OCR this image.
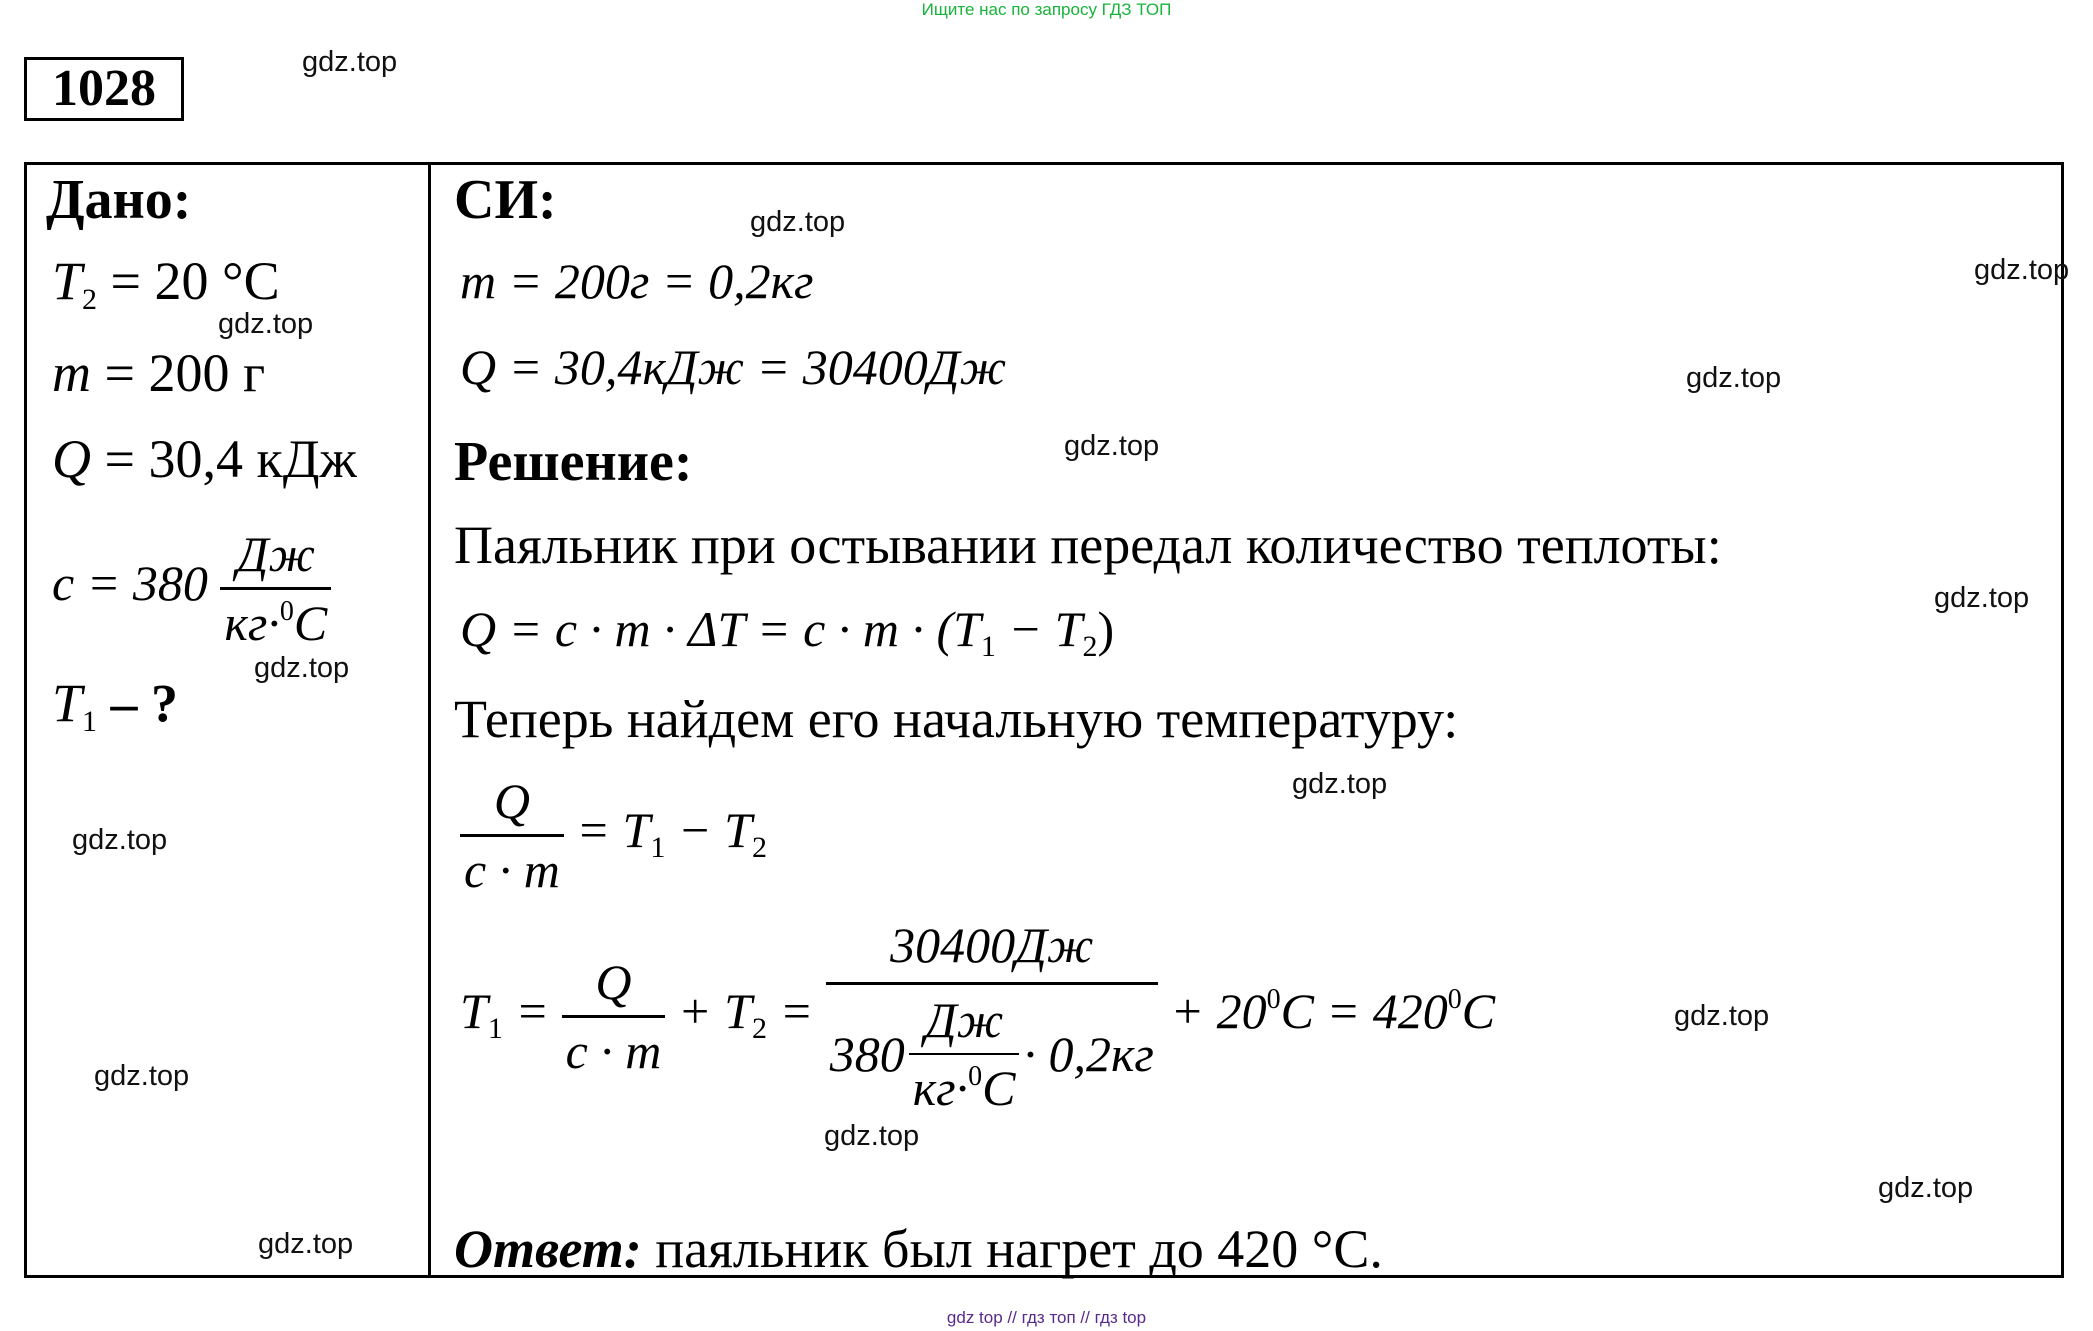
Ищите нас по запросу ГДЗ ТОП
1028
Дано:
$T_2 = 20$ °C
m = 200 г
Q = 30,4 кДж
$c = 380 \frac{Дж}{кг\cdot^0C}$
$T_1$ – ?
СИ:
m = 200г = 0,2кг
Q = 30,4кДж = 30400Дж
Решение:
Паяльник при остывании передал количество теплоты:
$Q = c \cdot m \cdot \Delta T = c \cdot m \cdot (T_1 - T_2)$
Теперь найдем его начальную температуру:
$\frac{Q}{c \cdot m} = T_1 - T_2$
$T_1 = \frac{Q}{c \cdot m} + T_2 = \frac{30400Дж}{380 \frac{Дж}{кг\cdot^0C} \cdot 0,2кг} + 20^0C = 420^0C$
Ответ: паяльник был нагрет до 420 °C.
gdz.top
gdz.top
gdz.top
gdz.top
gdz.top
gdz.top
gdz.top
gdz.top
gdz.top
gdz.top
gdz.top
gdz.top
gdz.top
gdz.top
gdz.top
gdz top // гдз топ // гдз top
